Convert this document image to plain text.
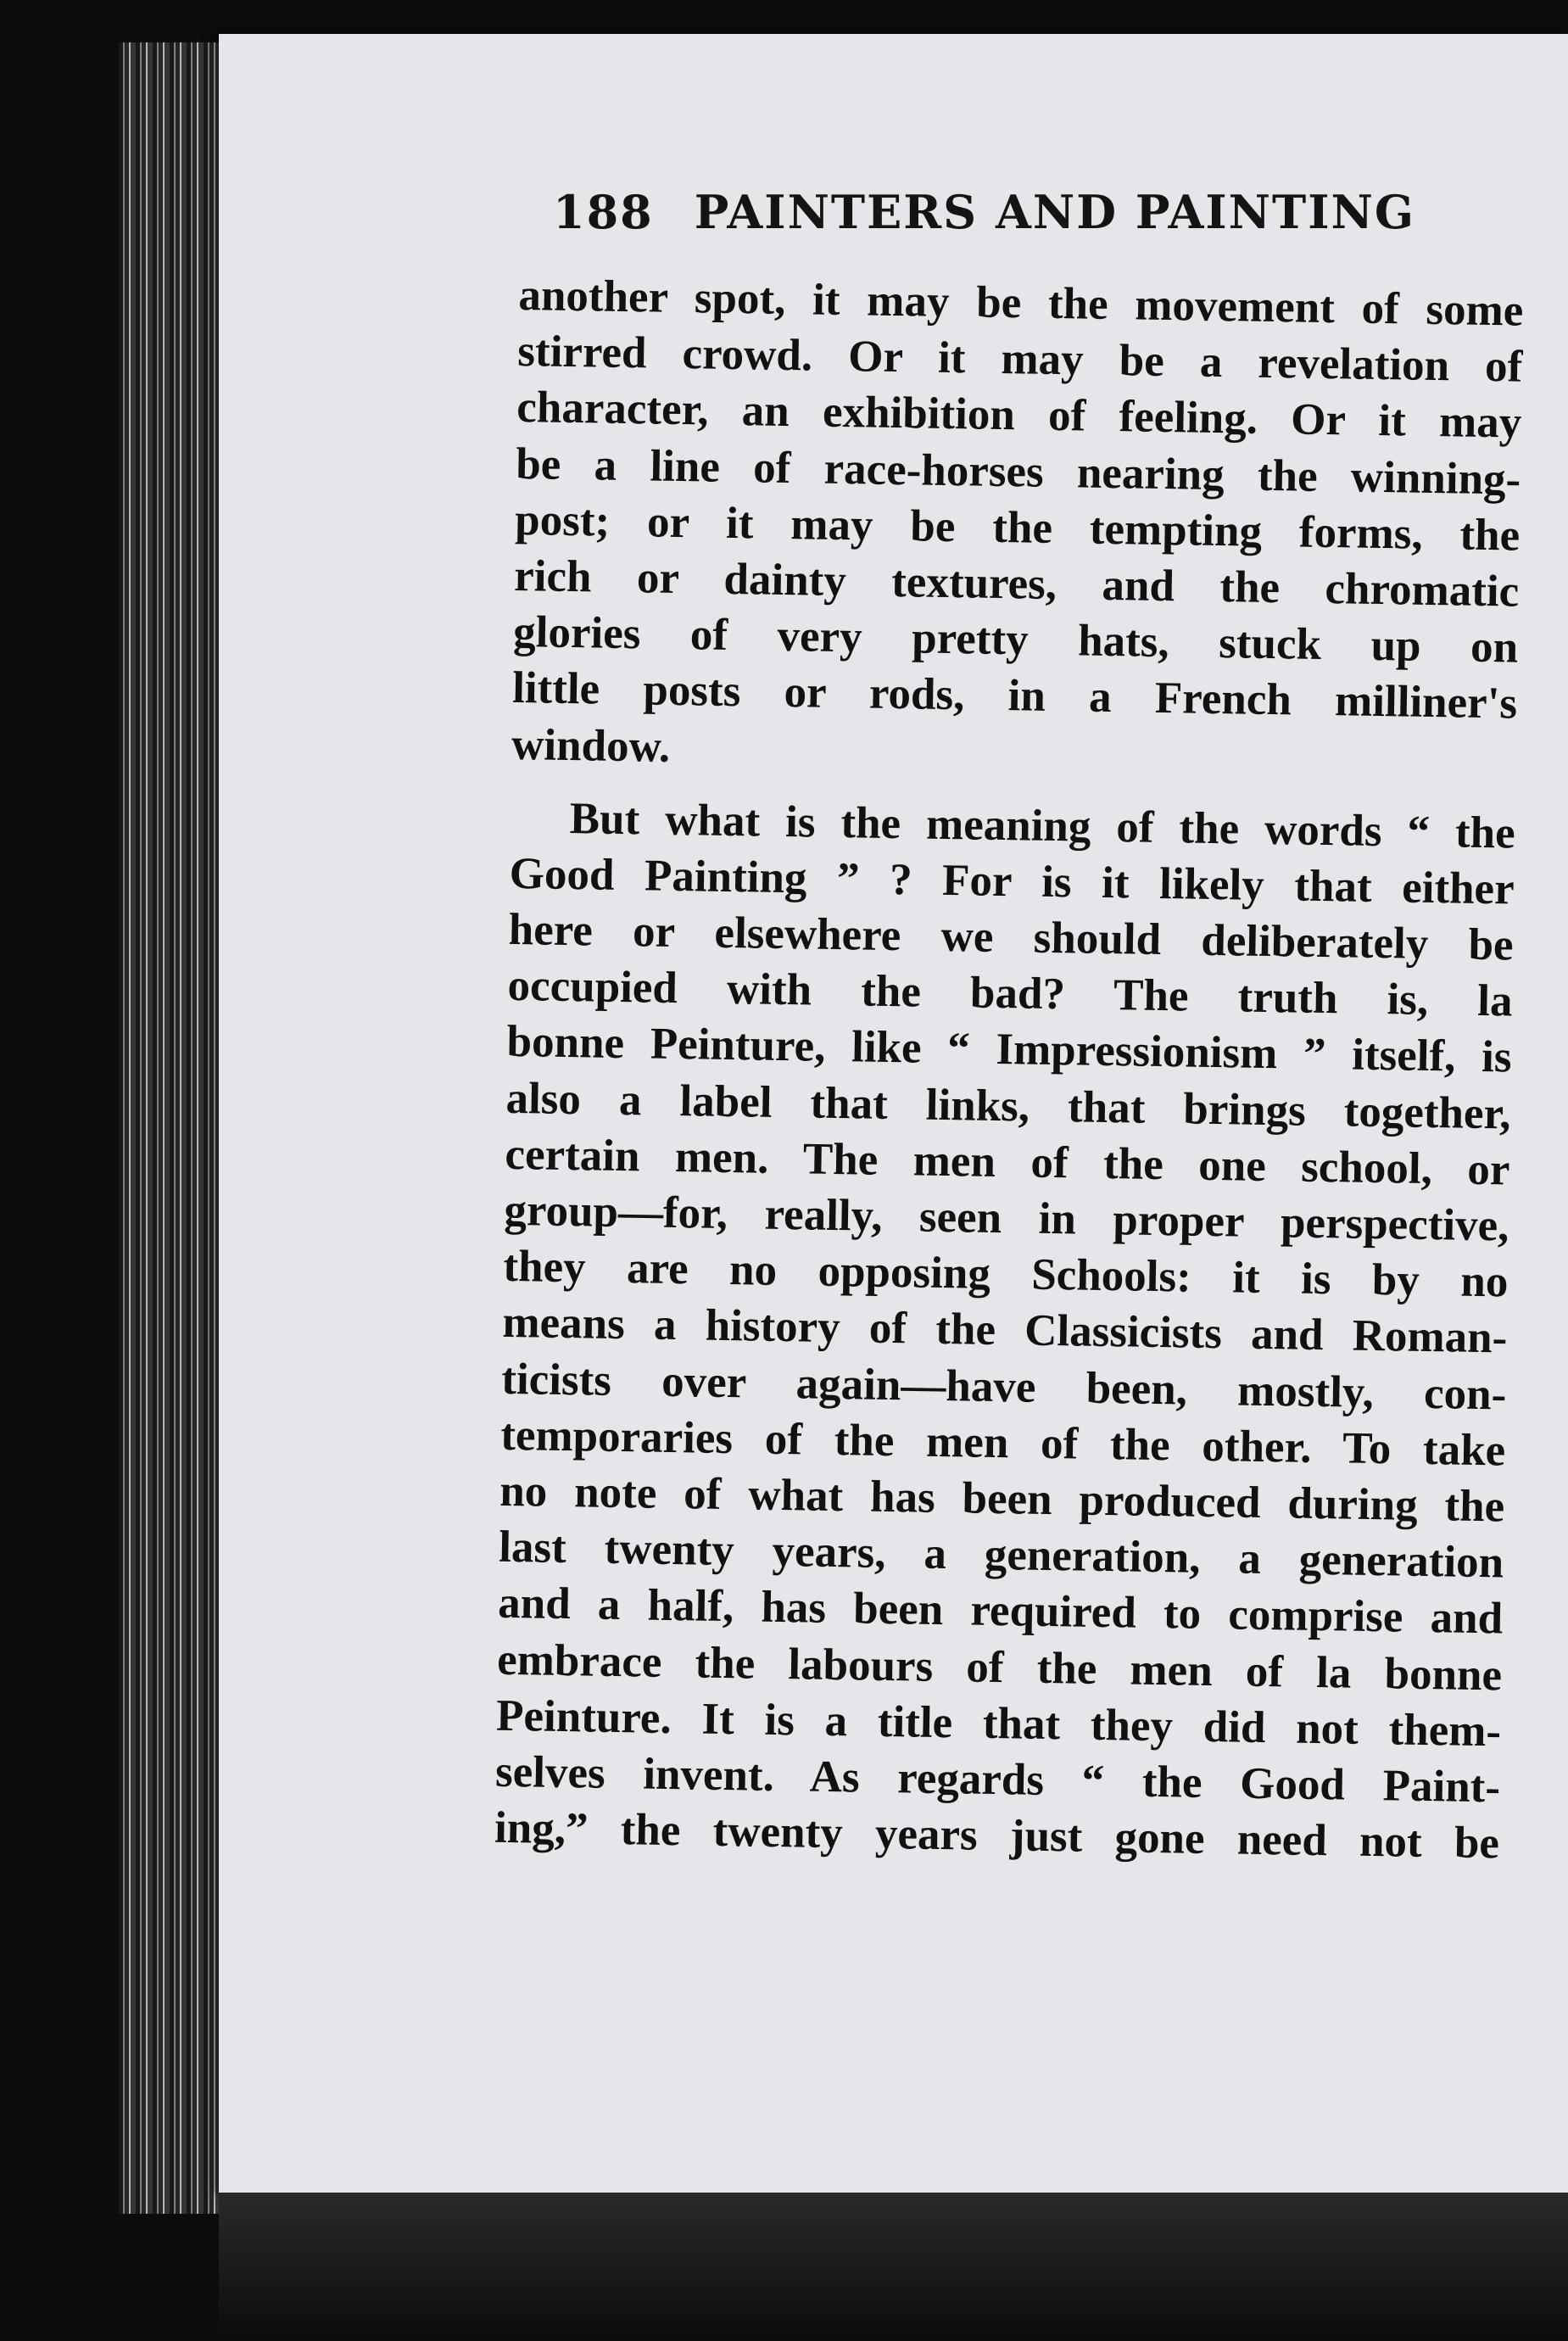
188 PAINTERS AND PAINTING
another spot, it may be the movement of some
stirred crowd. Or it may be a revelation of
character, an exhibition of feeling. Or it may
be a line of race-horses nearing the winning-
post; or it may be the tempting forms, the
rich or dainty textures, and the chromatic
glories of very pretty hats, stuck up on
little posts or rods, in a French milliner's
window.
But what is the meaning of the words “ the
Good Painting ” ? For is it likely that either
here or elsewhere we should deliberately be
occupied with the bad? The truth is, la
bonne Peinture, like “ Impressionism ” itself, is
also a label that links, that brings together,
certain men. The men of the one school, or
group—for, really, seen in proper perspective,
they are no opposing Schools: it is by no
means a history of the Classicists and Roman-
ticists over again—have been, mostly, con-
temporaries of the men of the other. To take
no note of what has been produced during the
last twenty years, a generation, a generation
and a half, has been required to comprise and
embrace the labours of the men of la bonne
Peinture. It is a title that they did not them-
selves invent. As regards “ the Good Paint-
ing,” the twenty years just gone need not be
